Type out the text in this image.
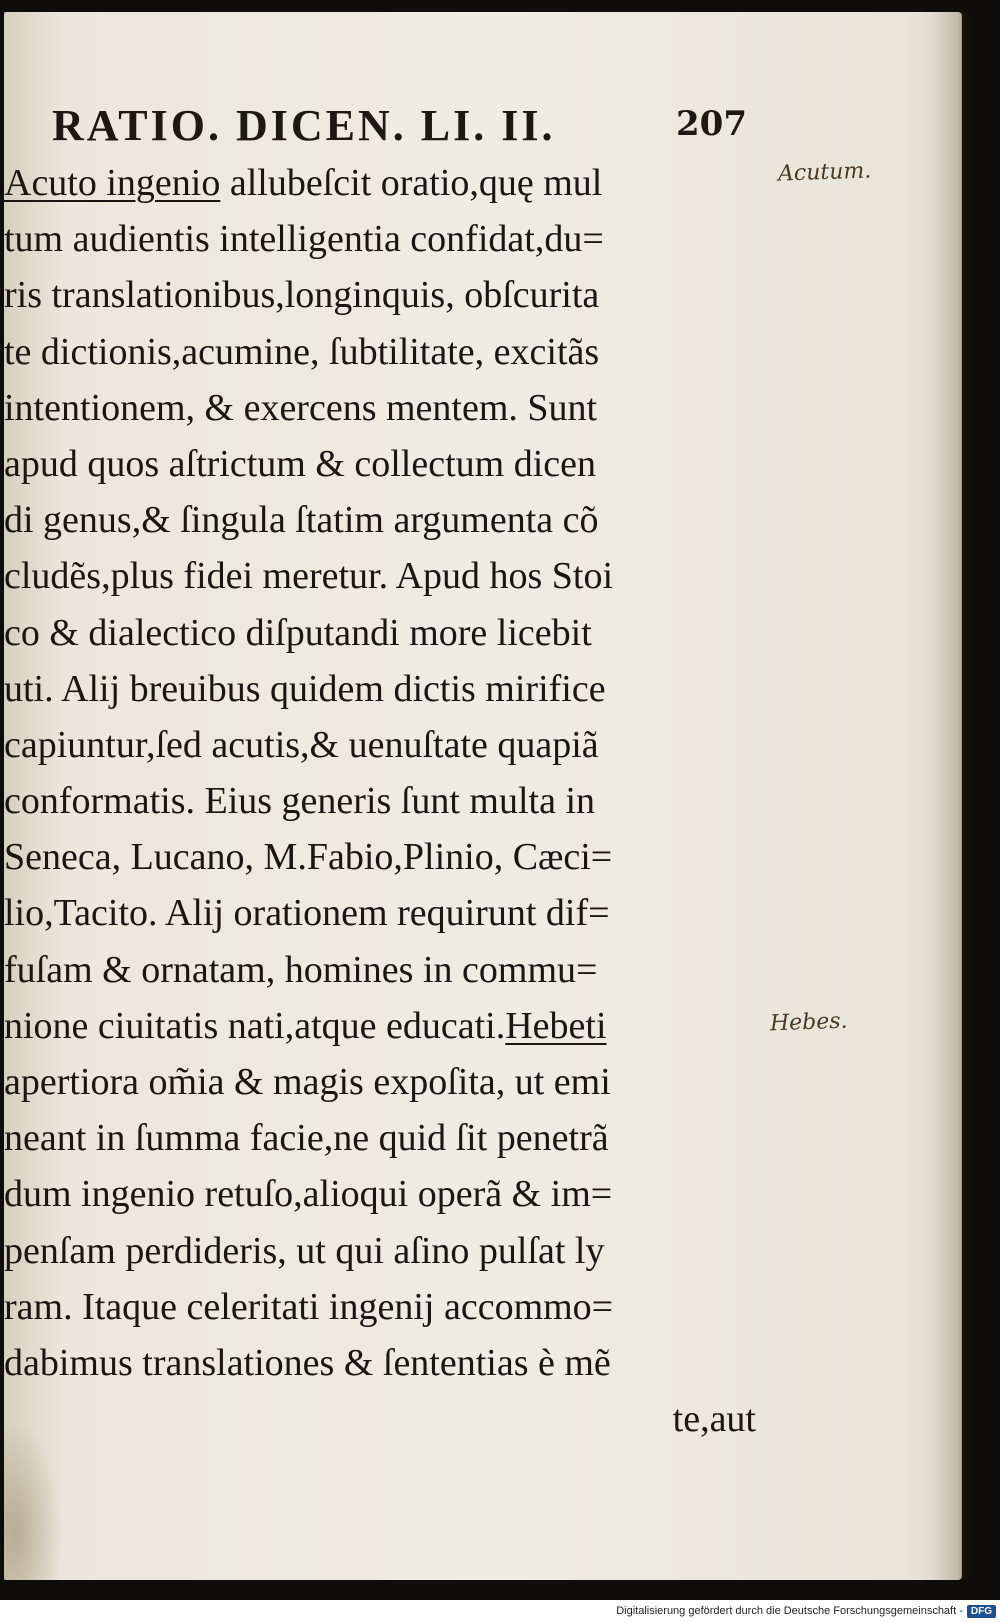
RATIO. DICEN. LI. II.	207
Acuto ingenio allubeſcit oratio,quę mul
tum audientis intelligentia confidat,du=
ris translationibus,longinquis, obſcurita
te dictionis,acumine, ſubtilitate, excitãs
intentionem, & exercens mentem. Sunt
apud quos aſtrictum & collectum dicen
di genus,& ſingula ſtatim argumenta cõ
cludẽs,plus fidei meretur. Apud hos Stoi
co & dialectico diſputandi more licebit
uti. Alij breuibus quidem dictis mirifice
capiuntur,ſed acutis,& uenuſtate quapiã
conformatis. Eius generis ſunt multa in
Seneca, Lucano, M.Fabio,Plinio, Cæci=
lio,Tacito. Alij orationem requirunt dif=
fuſam & ornatam, homines in commu=
nione ciuitatis nati,atque educati.Hebeti
apertiora om̃ia & magis expoſita, ut emi
neant in ſumma facie,ne quid ſit penetrã
dum ingenio retuſo,alioqui operã & im=
penſam perdideris, ut qui aſino pulſat ly
ram. Itaque celeritati ingenij accommo=
dabimus translationes & ſententias è mẽ
te,aut
Acutum.
Hebes.
Digitalisierung gefördert durch die Deutsche Forschungsgemeinschaft - DFG
